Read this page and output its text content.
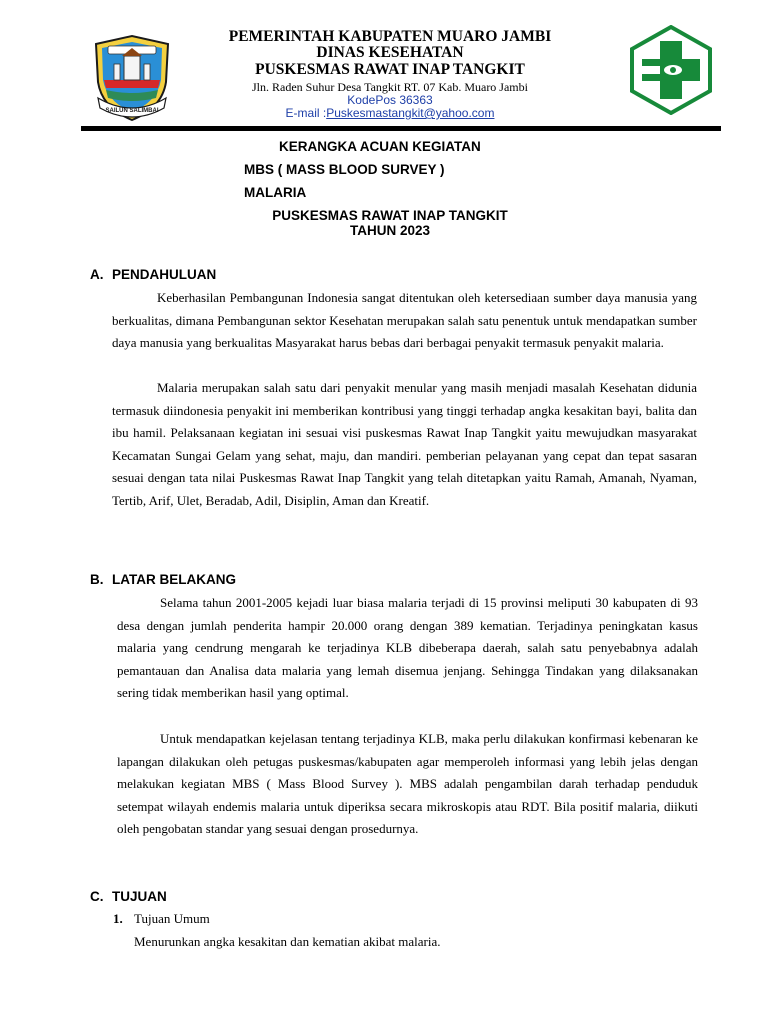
SAILUN SALIMBAI
PEMERINTAH KABUPATEN MUARO JAMBI
DINAS KESEHATAN
PUSKESMAS RAWAT INAP TANGKIT
Jln. Raden Suhur Desa Tangkit RT. 07 Kab. Muaro Jambi
KodePos 36363
E-mail :Puskesmastangkit@yahoo.com
KERANGKA ACUAN KEGIATAN
MBS ( MASS BLOOD SURVEY )
MALARIA
PUSKESMAS RAWAT INAP TANGKIT
TAHUN 2023
A. PENDAHULUAN
Keberhasilan Pembangunan Indonesia sangat ditentukan oleh ketersediaan sumber daya manusia yang berkualitas, dimana Pembangunan sektor Kesehatan merupakan salah satu penentuk untuk mendapatkan sumber daya manusia yang berkualitas Masyarakat harus bebas dari berbagai penyakit termasuk penyakit malaria.
Malaria merupakan salah satu dari penyakit menular yang masih menjadi masalah Kesehatan didunia termasuk diindonesia penyakit ini memberikan kontribusi yang tinggi terhadap angka kesakitan bayi, balita dan ibu hamil. Pelaksanaan kegiatan ini sesuai visi puskesmas Rawat Inap Tangkit yaitu mewujudkan masyarakat Kecamatan Sungai Gelam yang sehat, maju, dan mandiri. pemberian pelayanan yang cepat dan tepat sasaran sesuai dengan tata nilai Puskesmas Rawat Inap Tangkit yang telah ditetapkan yaitu Ramah, Amanah, Nyaman, Tertib, Arif, Ulet, Beradab, Adil, Disiplin, Aman dan Kreatif.
B. LATAR BELAKANG
Selama tahun 2001-2005 kejadi luar biasa malaria terjadi di 15 provinsi meliputi 30 kabupaten di 93 desa dengan jumlah penderita hampir 20.000 orang dengan 389 kematian. Terjadinya peningkatan kasus malaria yang cendrung mengarah ke terjadinya KLB dibeberapa daerah, salah satu penyebabnya adalah pemantauan dan Analisa data malaria yang lemah disemua jenjang. Sehingga Tindakan yang dilaksanakan sering tidak memberikan hasil yang optimal.
Untuk mendapatkan kejelasan tentang terjadinya KLB, maka perlu dilakukan konfirmasi kebenaran ke lapangan dilakukan oleh petugas puskesmas/kabupaten agar memperoleh informasi yang lebih jelas dengan melakukan kegiatan MBS ( Mass Blood Survey ). MBS adalah pengambilan darah terhadap penduduk setempat wilayah endemis malaria untuk diperiksa secara mikroskopis atau RDT. Bila positif malaria, diikuti oleh pengobatan standar yang sesuai dengan prosedurnya.
C. TUJUAN
1. Tujuan Umum
Menurunkan angka kesakitan dan kematian akibat malaria.
